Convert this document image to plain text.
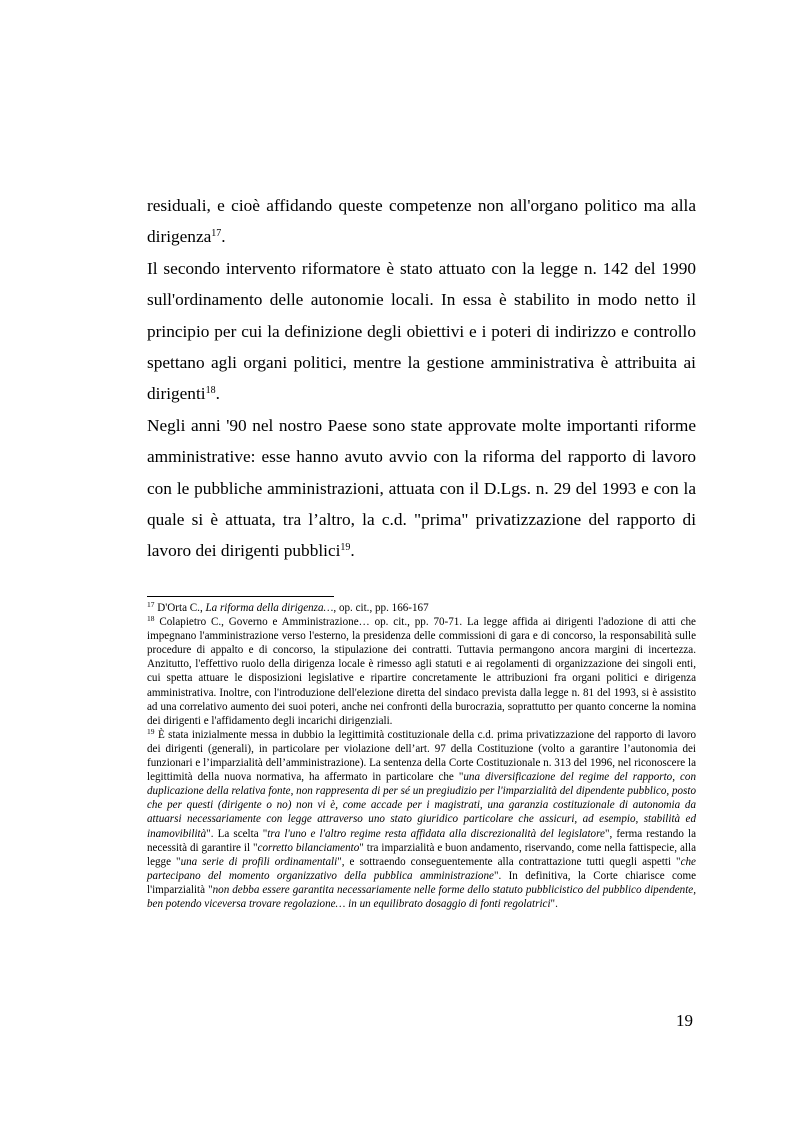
residuali, e cioè affidando queste competenze non all'organo politico ma alla dirigenza$^{17}$.

Il secondo intervento riformatore è stato attuato con la legge n. 142 del 1990 sull'ordinamento delle autonomie locali. In essa è stabilito in modo netto il principio per cui la definizione degli obiettivi e i poteri di indirizzo e controllo spettano agli organi politici, mentre la gestione amministrativa è attribuita ai dirigenti$^{18}$.

Negli anni '90 nel nostro Paese sono state approvate molte importanti riforme amministrative: esse hanno avuto avvio con la riforma del rapporto di lavoro con le pubbliche amministrazioni, attuata con il D.Lgs. n. 29 del 1993 e con la quale si è attuata, tra l’altro, la c.d. "prima" privatizzazione del rapporto di lavoro dei dirigenti pubblici$^{19}$.

$^{17}$ D'Orta C., La riforma della dirigenza…, op. cit., pp. 166-167

$^{18}$ Colapietro C., Governo e Amministrazione… op. cit., pp. 70-71. La legge affida ai dirigenti l'adozione di atti che impegnano l'amministrazione verso l'esterno, la presidenza delle commissioni di gara e di concorso, la responsabilità sulle procedure di appalto e di concorso, la stipulazione dei contratti. Tuttavia permangono ancora margini di incertezza. Anzitutto, l'effettivo ruolo della dirigenza locale è rimesso agli statuti e ai regolamenti di organizzazione dei singoli enti, cui spetta attuare le disposizioni legislative e ripartire concretamente le attribuzioni fra organi politici e dirigenza amministrativa. Inoltre, con l'introduzione dell'elezione diretta del sindaco prevista dalla legge n. 81 del 1993, si è assistito ad una correlativo aumento dei suoi poteri, anche nei confronti della burocrazia, soprattutto per quanto concerne la nomina dei dirigenti e l'affidamento degli incarichi dirigenziali.

$^{19}$ È stata inizialmente messa in dubbio la legittimità costituzionale della c.d. prima privatizzazione del rapporto di lavoro dei dirigenti (generali), in particolare per violazione dell’art. 97 della Costituzione (volto a garantire l’autonomia dei funzionari e l’imparzialità dell’amministrazione). La sentenza della Corte Costituzionale n. 313 del 1996, nel riconoscere la legittimità della nuova normativa, ha affermato in particolare che "una diversificazione del regime del rapporto, con duplicazione della relativa fonte, non rappresenta di per sé un pregiudizio per l'imparzialità del dipendente pubblico, posto che per questi (dirigente o no) non vi è, come accade per i magistrati, una garanzia costituzionale di autonomia da attuarsi necessariamente con legge attraverso uno stato giuridico particolare che assicuri, ad esempio, stabilità ed inamovibilità". La scelta "tra l'uno e l'altro regime resta affidata alla discrezionalità del legislatore", ferma restando la necessità di garantire il "corretto bilanciamento" tra imparzialità e buon andamento, riservando, come nella fattispecie, alla legge "una serie di profili ordinamentali", e sottraendo conseguentemente alla contrattazione tutti quegli aspetti "che partecipano del momento organizzativo della pubblica amministrazione". In definitiva, la Corte chiarisce come l'imparzialità "non debba essere garantita necessariamente nelle forme dello statuto pubblicistico del pubblico dipendente, ben potendo viceversa trovare regolazione… in un equilibrato dosaggio di fonti regolatrici".

19
